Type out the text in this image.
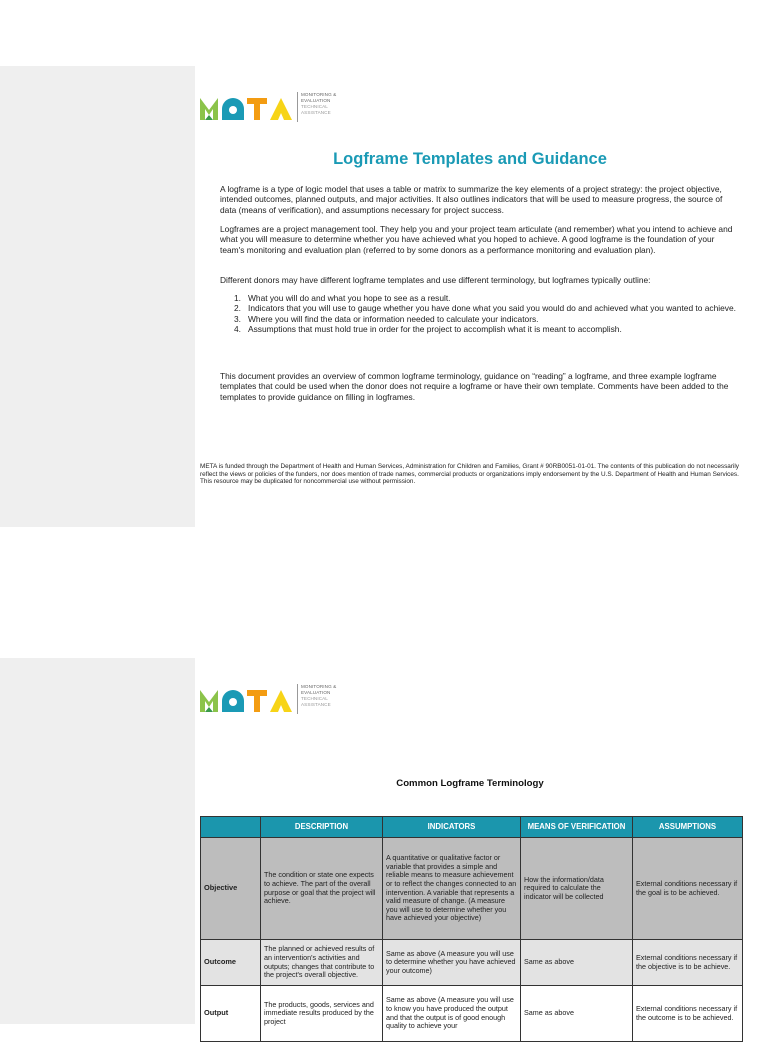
MONITORING &
EVALUATION
TECHNICAL
ASSISTANCE
Logframe Templates and Guidance

A logframe is a type of logic model that uses a table or matrix to summarize the key elements of a project strategy: the project objective, intended outcomes, planned outputs, and major activities. It also outlines indicators that will be used to measure progress, the source of data (means of verification), and assumptions necessary for project success.

Logframes are a project management tool. They help you and your project team articulate (and remember) what you intend to achieve and what you will measure to determine whether you have achieved what you hoped to achieve. A good logframe is the foundation of your team's monitoring and evaluation plan (referred to by some donors as a performance monitoring and evaluation plan).

Different donors may have different logframe templates and use different terminology, but logframes typically outline:

1. What you will do and what you hope to see as a result.
2. Indicators that you will use to gauge whether you have done what you said you would do and achieved what you wanted to achieve.
3. Where you will find the data or information needed to calculate your indicators.
4. Assumptions that must hold true in order for the project to accomplish what it is meant to accomplish.

This document provides an overview of common logframe terminology, guidance on “reading” a logframe, and three example logframe templates that could be used when the donor does not require a logframe or have their own template. Comments have been added to the templates to provide guidance on filling in logframes.

META is funded through the Department of Health and Human Services, Administration for Children and Families, Grant # 90RB0051-01-01. The contents of this publication do not necessarily reflect the views or policies of the funders, nor does mention of trade names, commercial products or organizations imply endorsement by the U.S. Department of Health and Human Services. This resource may be duplicated for noncommercial use without permission.

MONITORING &
EVALUATION
TECHNICAL
ASSISTANCE
Common Logframe Terminology
	DESCRIPTION	INDICATORS	MEANS OF VERIFICATION	ASSUMPTIONS
Objective	The condition or state one expects to achieve. The part of the overall purpose or goal that the project will achieve.	A quantitative or qualitative factor or variable that provides a simple and reliable means to measure achievement or to reflect the changes connected to an intervention. A variable that represents a valid measure of change. (A measure you will use to determine whether you have achieved your objective)	How the information/data required to calculate the indicator will be collected	External conditions necessary if the goal is to be achieved.
Outcome	The planned or achieved results of an intervention's activities and outputs; changes that contribute to the project's overall objective.	Same as above (A measure you will use to determine whether you have achieved your outcome)	Same as above	External conditions necessary if the objective is to be achieve.
Output	The products, goods, services and immediate results produced by the project	Same as above (A measure you will use to know you have produced the output and that the output is of good enough quality to achieve your	Same as above	External conditions necessary if the outcome is to be achieved.
